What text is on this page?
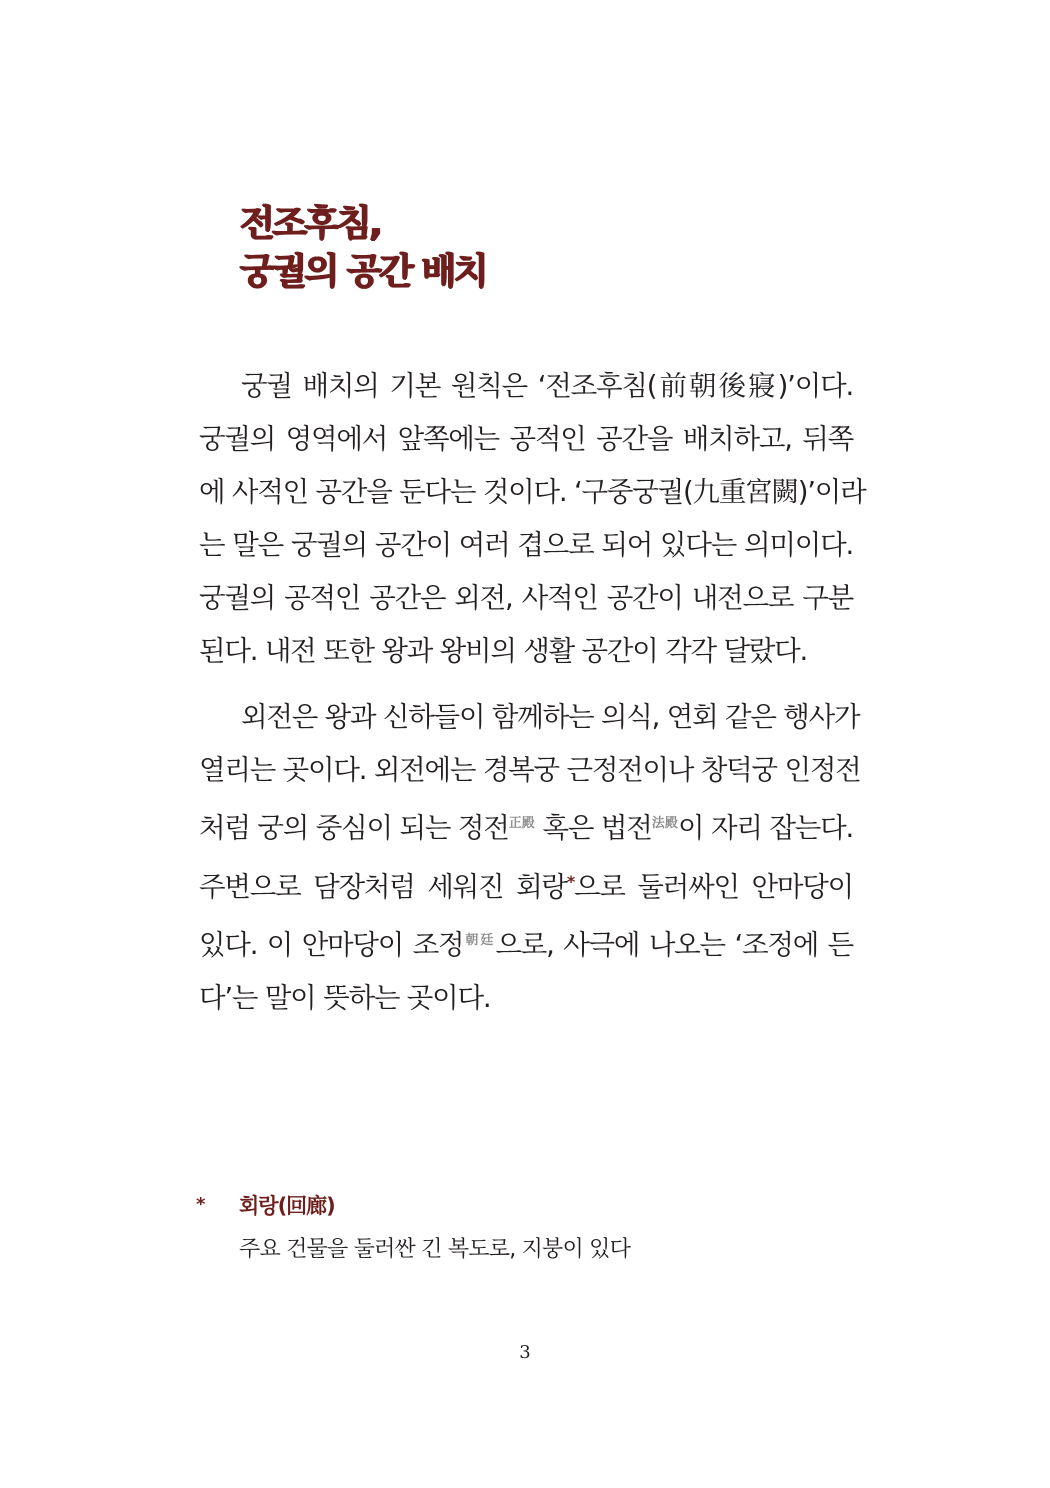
전조후침,
궁궐의 공간 배치

궁궐 배치의 기본 원칙은 ‘전조후침(前朝後寢)’이다.
궁궐의 영역에서 앞쪽에는 공적인 공간을 배치하고, 뒤쪽
에 사적인 공간을 둔다는 것이다. ‘구중궁궐(九重宮闕)’이라
는 말은 궁궐의 공간이 여러 겹으로 되어 있다는 의미이다.
궁궐의 공적인 공간은 외전, 사적인 공간이 내전으로 구분
된다. 내전 또한 왕과 왕비의 생활 공간이 각각 달랐다.

외전은 왕과 신하들이 함께하는 의식, 연회 같은 행사가
열리는 곳이다. 외전에는 경복궁 근정전이나 창덕궁 인정전
처럼 궁의 중심이 되는 정전$^{正殿}$ 혹은 법전$^{法殿}$이 자리 잡는다.
주변으로 담장처럼 세워진 회랑*으로 둘러싸인 안마당이
있다. 이 안마당이 조정$^{朝廷}$으로, 사극에 나오는 ‘조정에 든
다’는 말이 뜻하는 곳이다.

* 회랑(回廊)
주요 건물을 둘러싼 긴 복도로, 지붕이 있다
3
